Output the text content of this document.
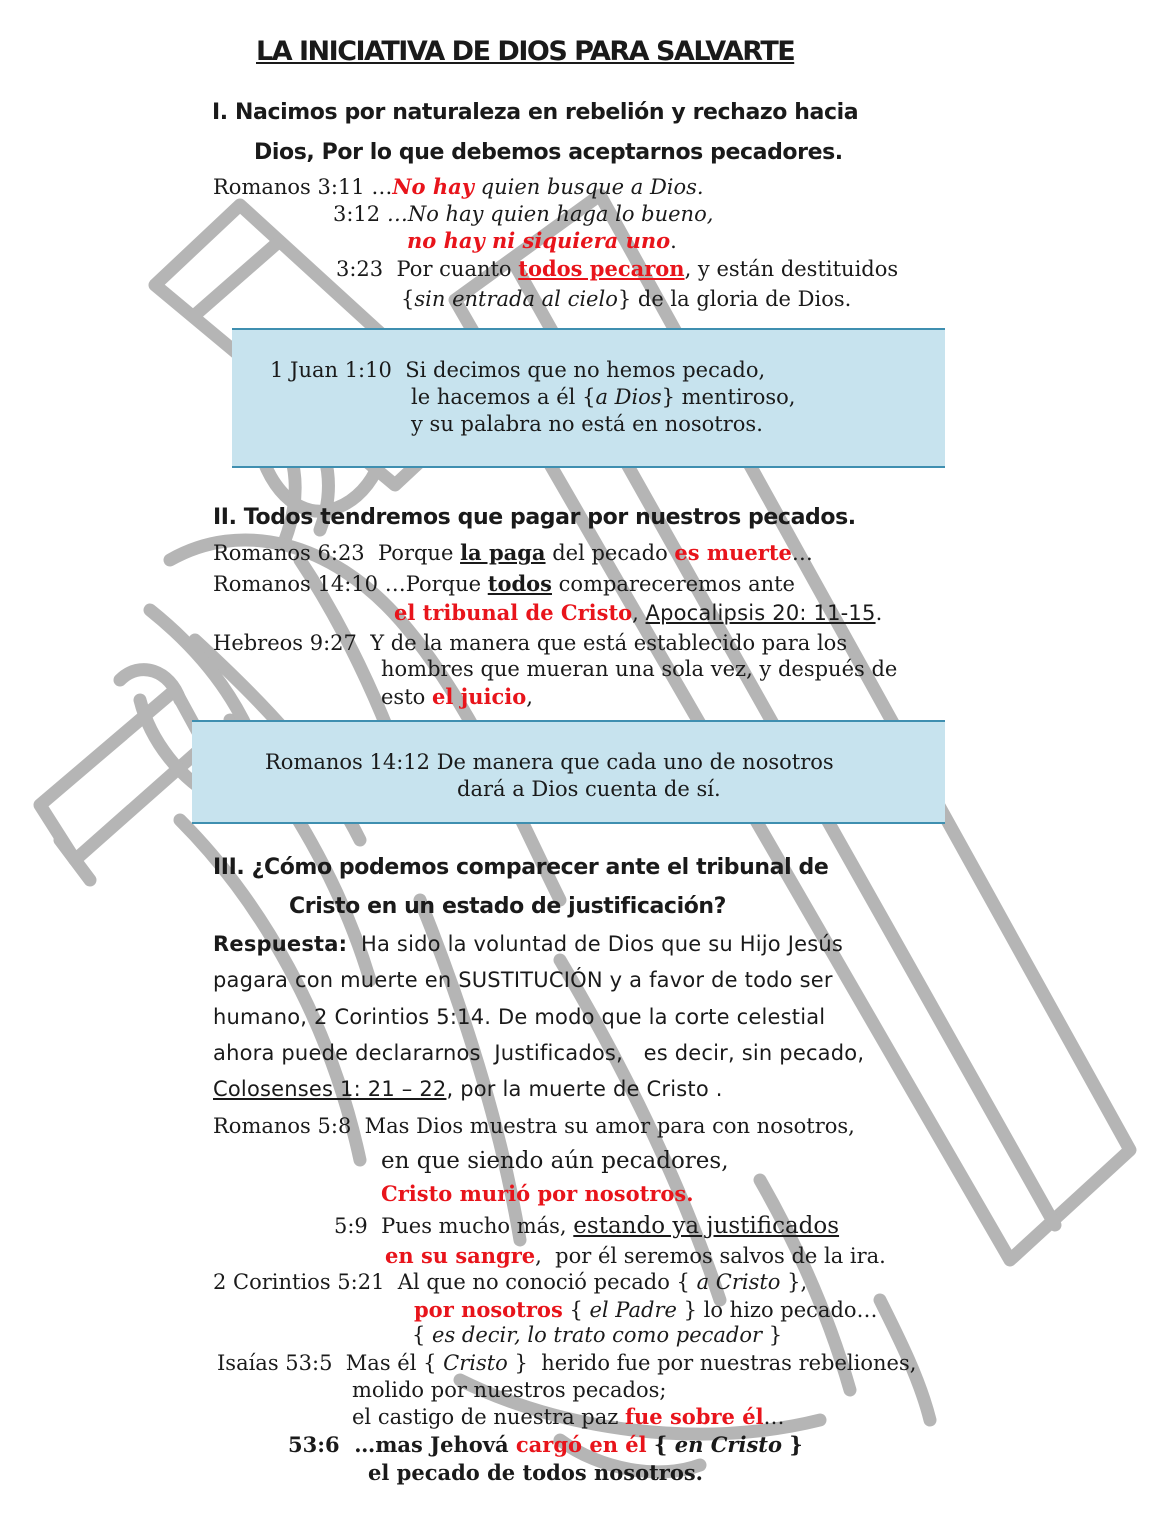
LA INICIATIVA DE DIOS PARA SALVARTE
I. Nacimos por naturaleza en rebelión y rechazo hacia
Dios, Por lo que debemos aceptarnos pecadores.
Romanos 3:11 …No hay quien busque a Dios.
3:12 …No hay quien haga lo bueno,
no hay ni siquiera uno.
3:23  Por cuanto todos pecaron, y están destituidos
{sin entrada al cielo} de la gloria de Dios.
1 Juan 1:10 Si decimos que no hemos pecado,
le hacemos a él {a Dios} mentiroso,
y su palabra no está en nosotros.
II. Todos tendremos que pagar por nuestros pecados.
Romanos 6:23  Porque la paga del pecado es muerte…
Romanos 14:10 …Porque todos compareceremos ante
el tribunal de Cristo, Apocalipsis 20: 11-15.
Hebreos 9:27  Y de la manera que está establecido para los
hombres que mueran una sola vez, y después de
esto el juicio,
Romanos 14:12 De manera que cada uno de nosotros
dará a Dios cuenta de sí.
III. ¿Cómo podemos comparecer ante el tribunal de
Cristo en un estado de justificación?
Respuesta:  Ha sido la voluntad de Dios que su Hijo Jesús
pagara con muerte en SUSTITUCIÓN y a favor de todo ser
humano, 2 Corintios 5:14. De modo que la corte celestial
ahora puede declararnos  Justificados,   es decir, sin pecado,
Colosenses 1: 21 – 22, por la muerte de Cristo .
Romanos 5:8  Mas Dios muestra su amor para con nosotros,
en que siendo aún pecadores,
Cristo murió por nosotros.
5:9  Pues mucho más, estando ya justificados
en su sangre,  por él seremos salvos de la ira.
2 Corintios 5:21  Al que no conoció pecado { a Cristo },
por nosotros { el Padre } lo hizo pecado…
{ es decir, lo trato como pecador }
Isaías 53:5  Mas él { Cristo }  herido fue por nuestras rebeliones,
molido por nuestros pecados;
el castigo de nuestra paz fue sobre él…
53:6  …mas Jehová cargó en él { en Cristo }
el pecado de todos nosotros.
